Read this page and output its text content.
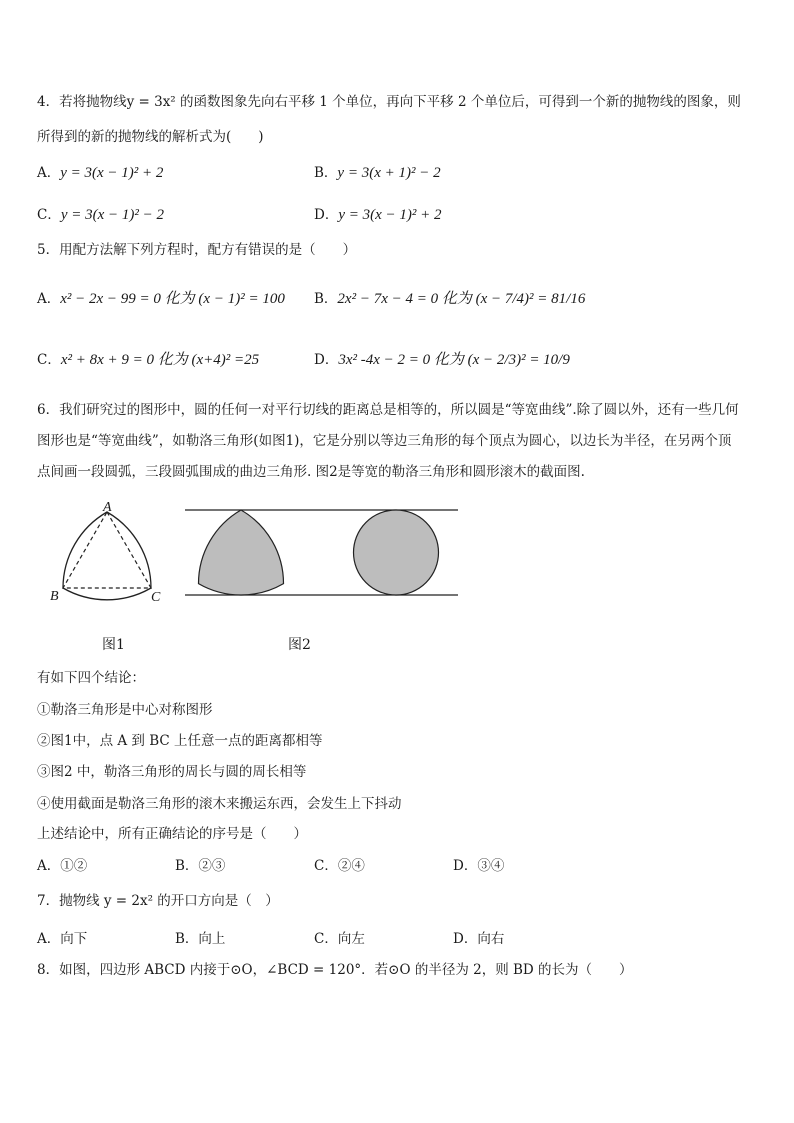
4．若将抛物线y = 3x² 的函数图象先向右平移 1 个单位，再向下平移 2 个单位后，可得到一个新的抛物线的图象，则
所得到的新的抛物线的解析式为(　　)
A．y = 3(x − 1)² + 2	B．y = 3(x + 1)² − 2
C．y = 3(x − 1)² − 2	D．y = 3(x − 1)² + 2
5．用配方法解下列方程时，配方有错误的是（　　）
A．x² − 2x − 99 = 0 化为 (x − 1)² = 100 B．2x² − 7x − 4 = 0 化为 (x − 7/4)² = 81/16
C．x² + 8x + 9 = 0 化为 (x+4)² =25	D．3x² -4x − 2 = 0 化为 (x − 2/3)² = 10/9
6．我们研究过的图形中，圆的任何一对平行切线的距离总是相等的，所以圆是“等宽曲线”.除了圆以外，还有一些几何
图形也是“等宽曲线”，如勒洛三角形(如图1)，它是分别以等边三角形的每个顶点为圆心，以边长为半径，在另两个顶
点间画一段圆弧，三段圆弧围成的曲边三角形. 图2是等宽的勒洛三角形和圆形滚木的截面图.
A
B	C
图1	图2
有如下四个结论：
①勒洛三角形是中心对称图形
②图1中，点 A 到 BC 上任意一点的距离都相等
③图2 中，勒洛三角形的周长与圆的周长相等
④使用截面是勒洛三角形的滚木来搬运东西，会发生上下抖动
上述结论中，所有正确结论的序号是（　　）
A．①②	B．②③	C．②④	D．③④
7．抛物线 y = 2x² 的开口方向是（　）
A．向下	B．向上	C．向左	D．向右
8．如图，四边形 ABCD 内接于⊙O，∠BCD = 120°．若⊙O 的半径为 2，则 BD 的长为（　　）
